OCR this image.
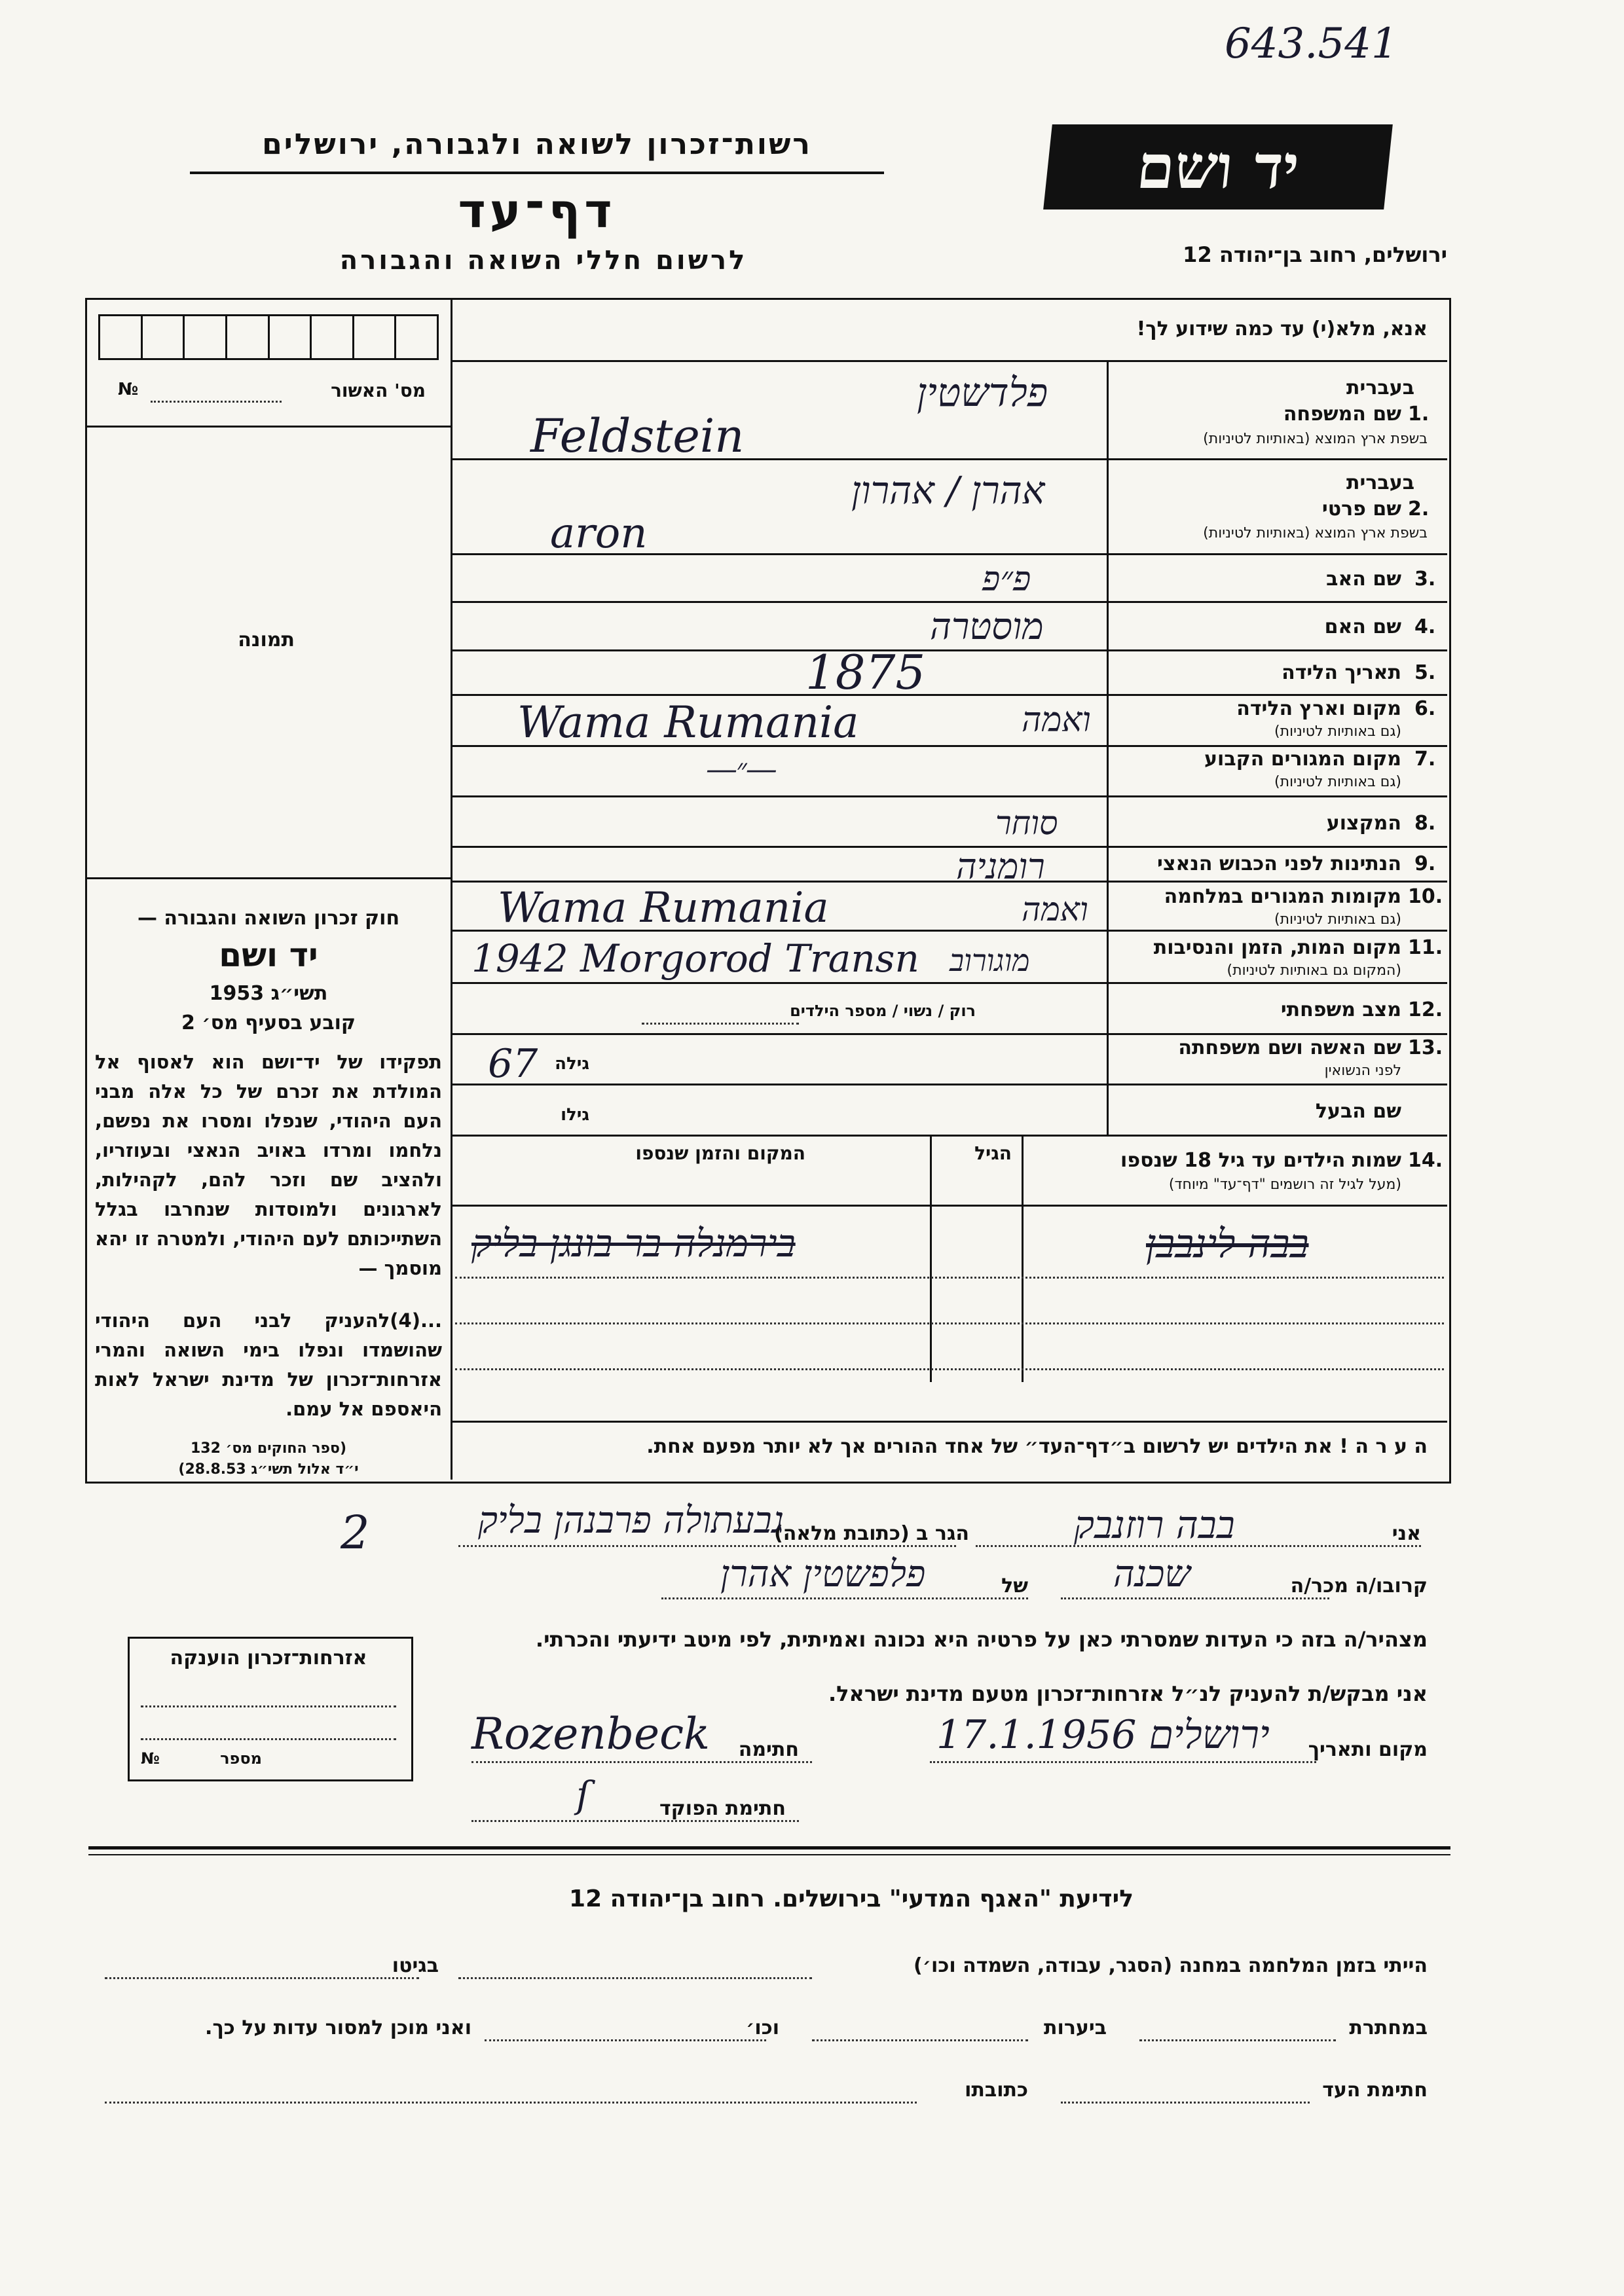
643.541
רשות־זכרון לשואה ולגבורה, ירושלים
דף־עד
לרשום חללי השואה והגבורה
יד ושם
ירושלים, רחוב בן־יהודה 12
מס' האשור
№
תמונה
אנא, מלא(י) עד כמה שידוע לך!
בעברית
1.
שם המשפחה
בשפת ארץ המוצא (באותיות לטיניות)
פלדשטין
Feldstein
בעברית
2.
שם פרטי
בשפת ארץ המוצא (באותיות לטיניות)
אהרן / אהרון
aron
3.
שם האב
פ״פ
4.
שם האם
מוסטרה
5.
תאריך הלידה
1875
6.
מקום וארץ הלידה
(גם באותיות לטיניות)
Wama Rumania	ואמה
7.
מקום המגורים הקבוע
(גם באותיות לטיניות)
―״―
8.
המקצוע
סוחר
9.
הנתינות לפני הכבוש הנאצי
רומניה
10.
מקומות המגורים במלחמה
(גם באותיות לטיניות)
Wama Rumania	ואמה
11.
מקום המות, הזמן והנסיבות
(המקום גם באותיות לטיניות)
1942 Morgorod Transn מוגורוב
12.
מצב משפחתי
רוק / נשוי / מספר הילדים
13.
שם האשה ושם משפחתה
לפני הנשואין
גילה
67
שם הבעל
גילו
14.
שמות הילדים עד גיל 18 שנספו
(מעל לגיל זה רושמים "דף־עד" מיוחד)
הגיל
המקום והזמן שנספו
בבה לינבבן
בירמנלה בר בונגן בליק
ה ע ר ה ! את הילדים יש לרשום ב״דף־העד״ של אחד ההורים אך לא יותר מפעם אחת.
חוק זכרון השואה והגבורה —
יד ושם
תשי״ג 1953
קובע בסעיף מס׳ 2
תפקידו של יד־ושם הוא לאסוף אל המולדת את זכרם של כל אלה מבני העם היהודי, שנפלו ומסרו את נפשם, נלחמו ומרדו באויב הנאצי ובעוזריו, ולהציב שם וזכר להם, לקהילות, לארגונים ולמוסדות שנחרבו בגלל השתייכותם לעם היהודי, ולמטרה זו יהא מוסמך —
...(4)להעניק לבני העם היהודי שהושמדו ונפלו בימי השואה והמרי אזרחות־זכרון של מדינת ישראל לאות היאספם אל עמם.
(ספר החוקים מס׳ 132
י״ד אלול תשי״ג 28.8.53)
אני
בבה רוזנבק
הגר ב (כתובת מלאה)
גבעתולה פרבנהן בליק
2
קרובו/ה מכר/ה
שכנה
של
פלפשטין אהרן
מצהיר/ה בזה כי העדות שמסרתי כאן על פרטיה היא נכונה ואמיתית, לפי מיטב ידיעתי והכרתי.
אני מבקש/ת להעניק לנ״ל אזרחות־זכרון מטעם מדינת ישראל.
מקום ותאריך
ירושלים 17.1.1956
חתימה
Rozenbeck
חתימת הפוקד
ſ
אזרחות־זכרון הוענקה
מספר
№
לידיעת "האגף המדעי" בירושלים. רחוב בן־יהודה 12
הייתי בזמן המלחמה במחנה (הסגר, עבודה, השמדה וכו׳)
בגיטו
במחתרת
ביערות
וכו׳
ואני מוכן למסור עדות על כך.
חתימת העד
כתובתו
